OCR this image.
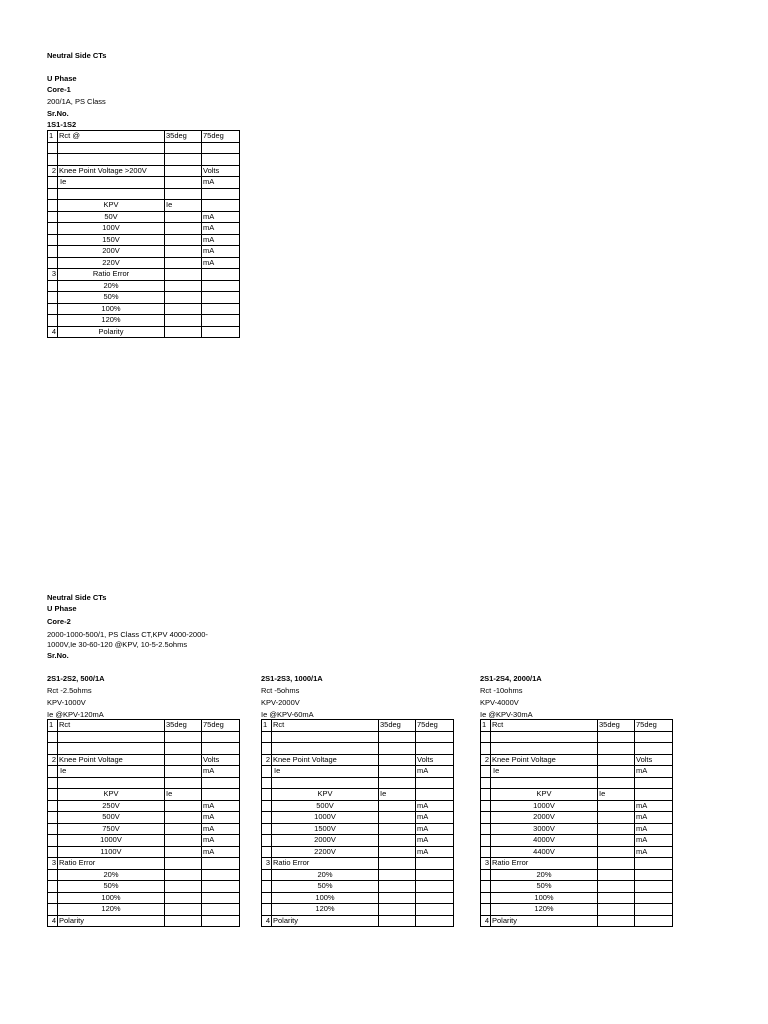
Neutral Side CTs
U Phase
Core-1
200/1A, PS Class
Sr.No.
1S1-1S2
1	Rct @	35deg	75deg

2	Knee Point Voltage >200V		Volts
	Ie		mA

	KPV	Ie	
	50V		mA
	100V		mA
	150V		mA
	200V		mA
	220V		mA
3	Ratio Error		
	20%		
	50%		
	100%		
	120%		
4	Polarity		
Neutral Side CTs
U Phase
Core-2
2000-1000-500/1, PS Class CT,KPV 4000-2000-1000V,Ie 30-60-120 @KPV, 10-5-2.5ohms
Sr.No.
2S1-2S2, 500/1A
Rct -2.5ohms
KPV-1000V
Ie @KPV-120mA
1	Rct	35deg	75deg

2	Knee Point Voltage		Volts
	Ie		mA

	KPV	Ie	
	250V		mA
	500V		mA
	750V		mA
	1000V		mA
	1100V		mA
3	Ratio Error		
	20%		
	50%		
	100%		
	120%		
4	Polarity		
2S1-2S3, 1000/1A
Rct -5ohms
KPV-2000V
Ie @KPV-60mA
1	Rct	35deg	75deg

2	Knee Point Voltage		Volts
	Ie		mA

	KPV	Ie	
	500V		mA
	1000V		mA
	1500V		mA
	2000V		mA
	2200V		mA
3	Ratio Error		
	20%		
	50%		
	100%		
	120%		
4	Polarity		
2S1-2S4, 2000/1A
Rct -10ohms
KPV-4000V
Ie @KPV-30mA
1	Rct	35deg	75deg

2	Knee Point Voltage		Volts
	Ie		mA

	KPV	Ie	
	1000V		mA
	2000V		mA
	3000V		mA
	4000V		mA
	4400V		mA
3	Ratio Error		
	20%		
	50%		
	100%		
	120%		
4	Polarity		
